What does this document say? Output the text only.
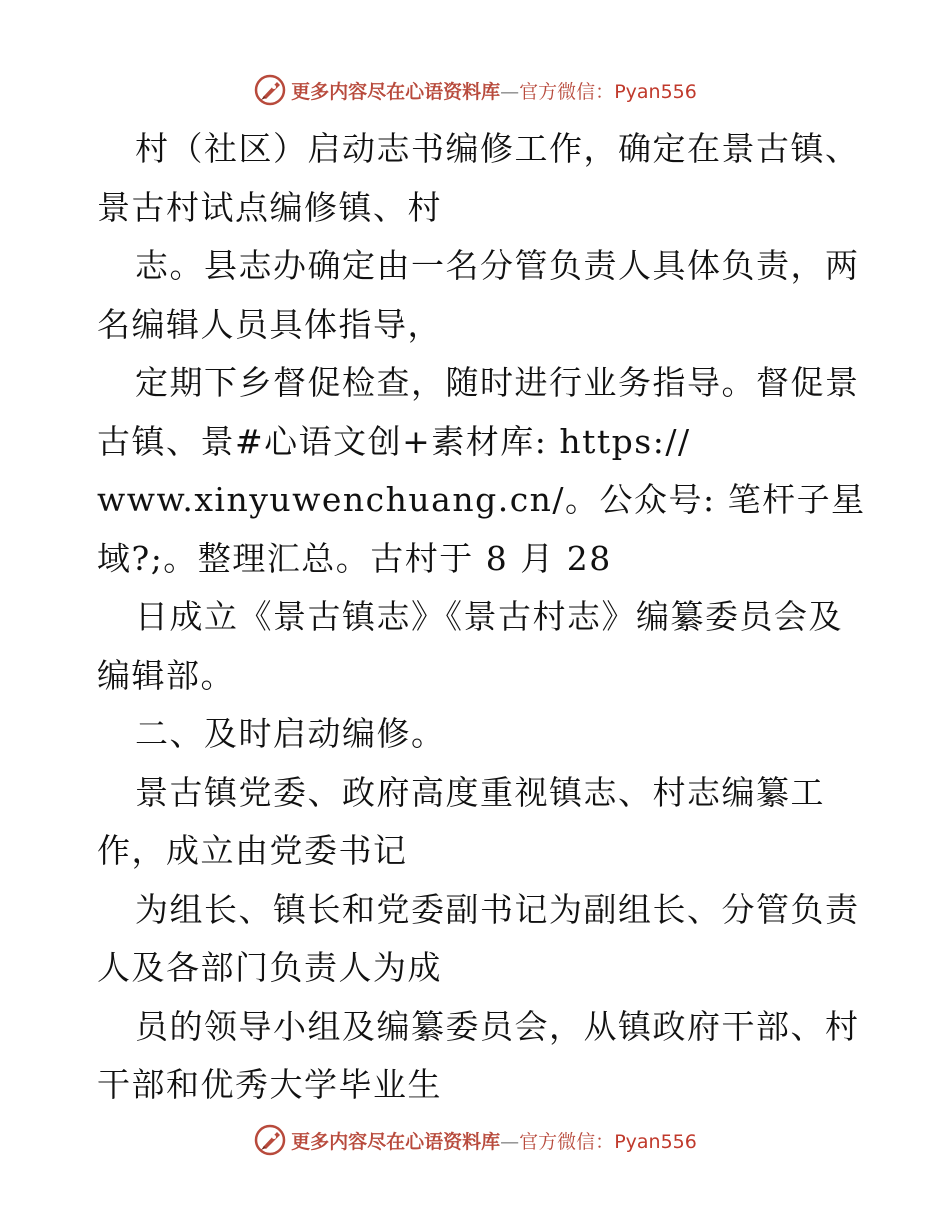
更多内容尽在心语资料库—官方微信：Pyan556
村（社区）启动志书编修工作，确定在景古镇、
景古村试点编修镇、村
志。县志办确定由一名分管负责人具体负责，两
名编辑人员具体指导，
定期下乡督促检查，随时进行业务指导。督促景
古镇、景#心语文创+素材库: https://
www.xinyuwenchuang.cn/。公众号: 笔杆子星
域?;。整理汇总。古村于 8 月 28
日成立《景古镇志》《景古村志》编纂委员会及
编辑部。
二、及时启动编修。
景古镇党委、政府高度重视镇志、村志编纂工
作，成立由党委书记
为组长、镇长和党委副书记为副组长、分管负责
人及各部门负责人为成
员的领导小组及编纂委员会，从镇政府干部、村
干部和优秀大学毕业生
更多内容尽在心语资料库—官方微信：Pyan556
